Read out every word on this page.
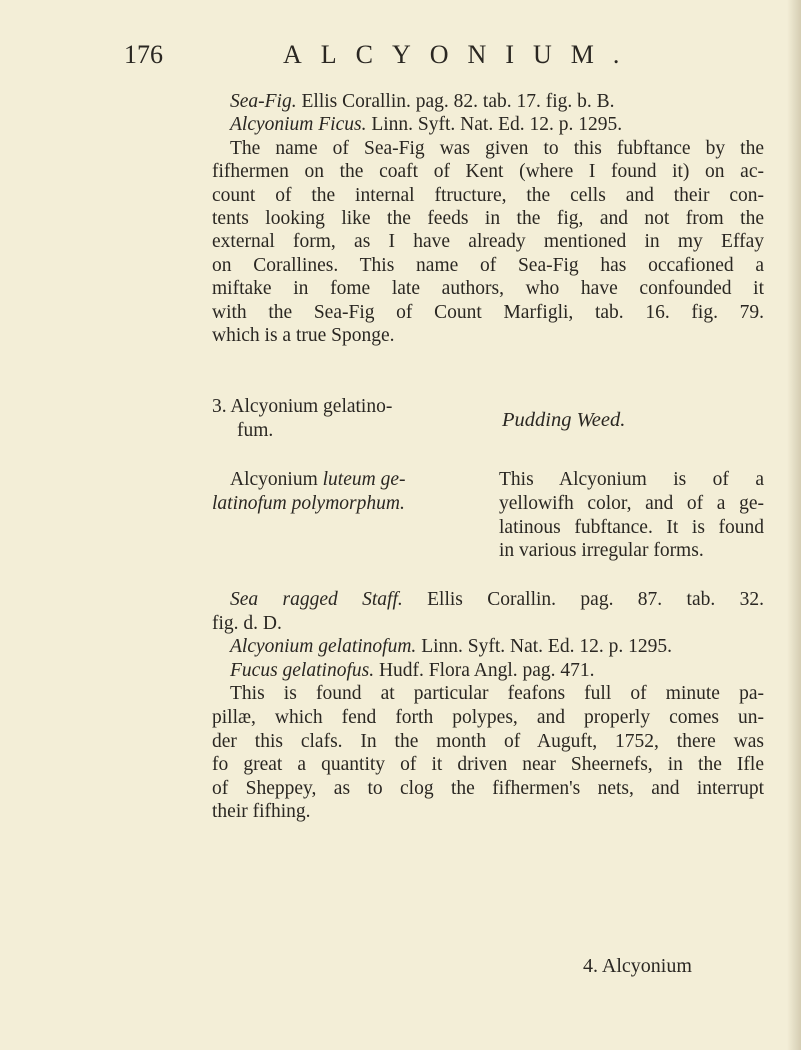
176	ALCYONIUM.
Sea-Fig. Ellis Corallin. pag. 82. tab. 17. fig. b. B.
Alcyonium Ficus. Linn. Syft. Nat. Ed. 12. p. 1295.
The name of Sea-Fig was given to this fubftance by the
fifhermen on the coaft of Kent (where I found it) on ac-
count of the internal ftructure, the cells and their con-
tents looking like the feeds in the fig, and not from the
external form, as I have already mentioned in my Effay
on Corallines. This name of Sea-Fig has occafioned a
miftake in fome late authors, who have confounded it
with the Sea-Fig of Count Marfigli, tab. 16. fig. 79.
which is a true Sponge.
3. Alcyonium gelatino-
fum.	Pudding Weed.
Alcyonium luteum ge-
latinofum polymorphum.
This Alcyonium is of a
yellowifh color, and of a ge-
latinous fubftance. It is found
in various irregular forms.
Sea ragged Staff. Ellis Corallin. pag. 87. tab. 32.
fig. d. D.
Alcyonium gelatinofum. Linn. Syft. Nat. Ed. 12. p. 1295.
Fucus gelatinofus. Hudf. Flora Angl. pag. 471.
This is found at particular feafons full of minute pa-
pillæ, which fend forth polypes, and properly comes un-
der this clafs. In the month of Auguft, 1752, there was
fo great a quantity of it driven near Sheernefs, in the Ifle
of Sheppey, as to clog the fifhermen's nets, and interrupt
their fifhing.
4. Alcyonium
